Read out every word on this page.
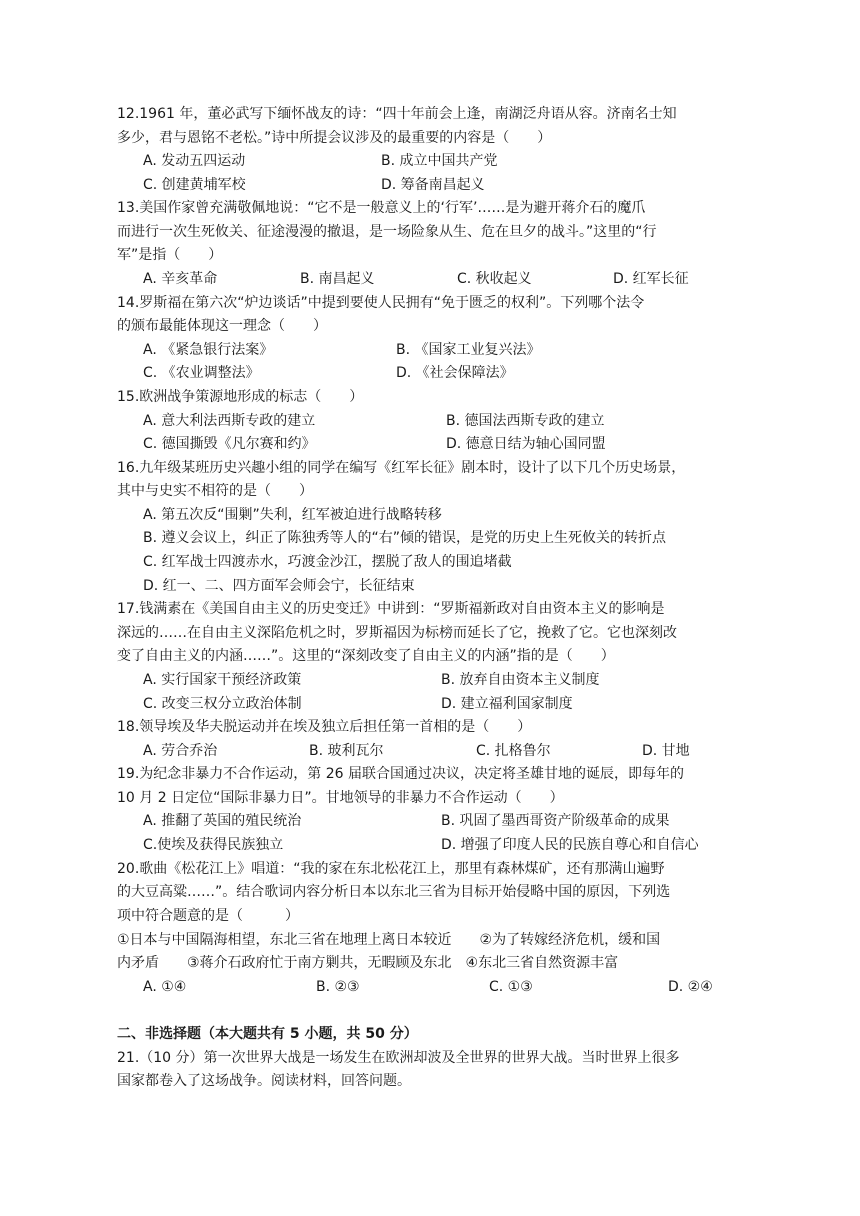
12.1961 年，董必武写下缅怀战友的诗：“四十年前会上逢，南湖泛舟语从容。济南名士知
多少，君与恩铭不老松。”诗中所提会议涉及的最重要的内容是（　　）
A. 发动五四运动	B. 成立中国共产党
C. 创建黄埔军校	D. 筹备南昌起义
13.美国作家曾充满敬佩地说：“它不是一般意义上的‘行军’……是为避开蒋介石的魔爪
而进行一次生死攸关、征途漫漫的撤退，是一场险象从生、危在旦夕的战斗。”这里的“行
军”是指（　　）
A. 辛亥革命	B. 南昌起义	C. 秋收起义	D. 红军长征
14.罗斯福在第六次“炉边谈话”中提到要使人民拥有“免于匮乏的权利”。下列哪个法令
的颁布最能体现这一理念（　　）
A. 《紧急银行法案》	B. 《国家工业复兴法》
C. 《农业调整法》	D. 《社会保障法》
15.欧洲战争策源地形成的标志（　　）
A. 意大利法西斯专政的建立	B. 德国法西斯专政的建立
C. 德国撕毁《凡尔赛和约》	D. 德意日结为轴心国同盟
16.九年级某班历史兴趣小组的同学在编写《红军长征》剧本时，设计了以下几个历史场景，
其中与史实不相符的是（　　）
A. 第五次反“围剿”失利，红军被迫进行战略转移
B. 遵义会议上，纠正了陈独秀等人的“右”倾的错误，是党的历史上生死攸关的转折点
C. 红军战士四渡赤水，巧渡金沙江，摆脱了敌人的围追堵截
D. 红一、二、四方面军会师会宁，长征结束
17.钱满素在《美国自由主义的历史变迁》中讲到：“罗斯福新政对自由资本主义的影响是
深远的……在自由主义深陷危机之时，罗斯福因为标榜而延长了它，挽救了它。它也深刻改
变了自由主义的内涵……”。这里的“深刻改变了自由主义的内涵”指的是（　　）
A. 实行国家干预经济政策	B. 放弃自由资本主义制度
C. 改变三权分立政治体制	D. 建立福利国家制度
18.领导埃及华夫脱运动并在埃及独立后担任第一首相的是（　　）
A. 劳合乔治	B. 玻利瓦尔	C. 扎格鲁尔	D. 甘地
19.为纪念非暴力不合作运动，第 26 届联合国通过决议，决定将圣雄甘地的诞辰，即每年的
10 月 2 日定位“国际非暴力日”。甘地领导的非暴力不合作运动（　　）
A. 推翻了英国的殖民统治	B. 巩固了墨西哥资产阶级革命的成果
C.使埃及获得民族独立	D. 增强了印度人民的民族自尊心和自信心
20.歌曲《松花江上》唱道：“我的家在东北松花江上，那里有森林煤矿，还有那满山遍野
的大豆高粱……”。结合歌词内容分析日本以东北三省为目标开始侵略中国的原因，下列选
项中符合题意的是（　　　）
①日本与中国隔海相望，东北三省在地理上离日本较近　　②为了转嫁经济危机，缓和国
内矛盾　　③蒋介石政府忙于南方剿共，无暇顾及东北　④东北三省自然资源丰富
A. ①④	B. ②③	C. ①③	D. ②④
二、非选择题（本大题共有 5 小题，共 50 分）
21.（10 分）第一次世界大战是一场发生在欧洲却波及全世界的世界大战。当时世界上很多
国家都卷入了这场战争。阅读材料，回答问题。
